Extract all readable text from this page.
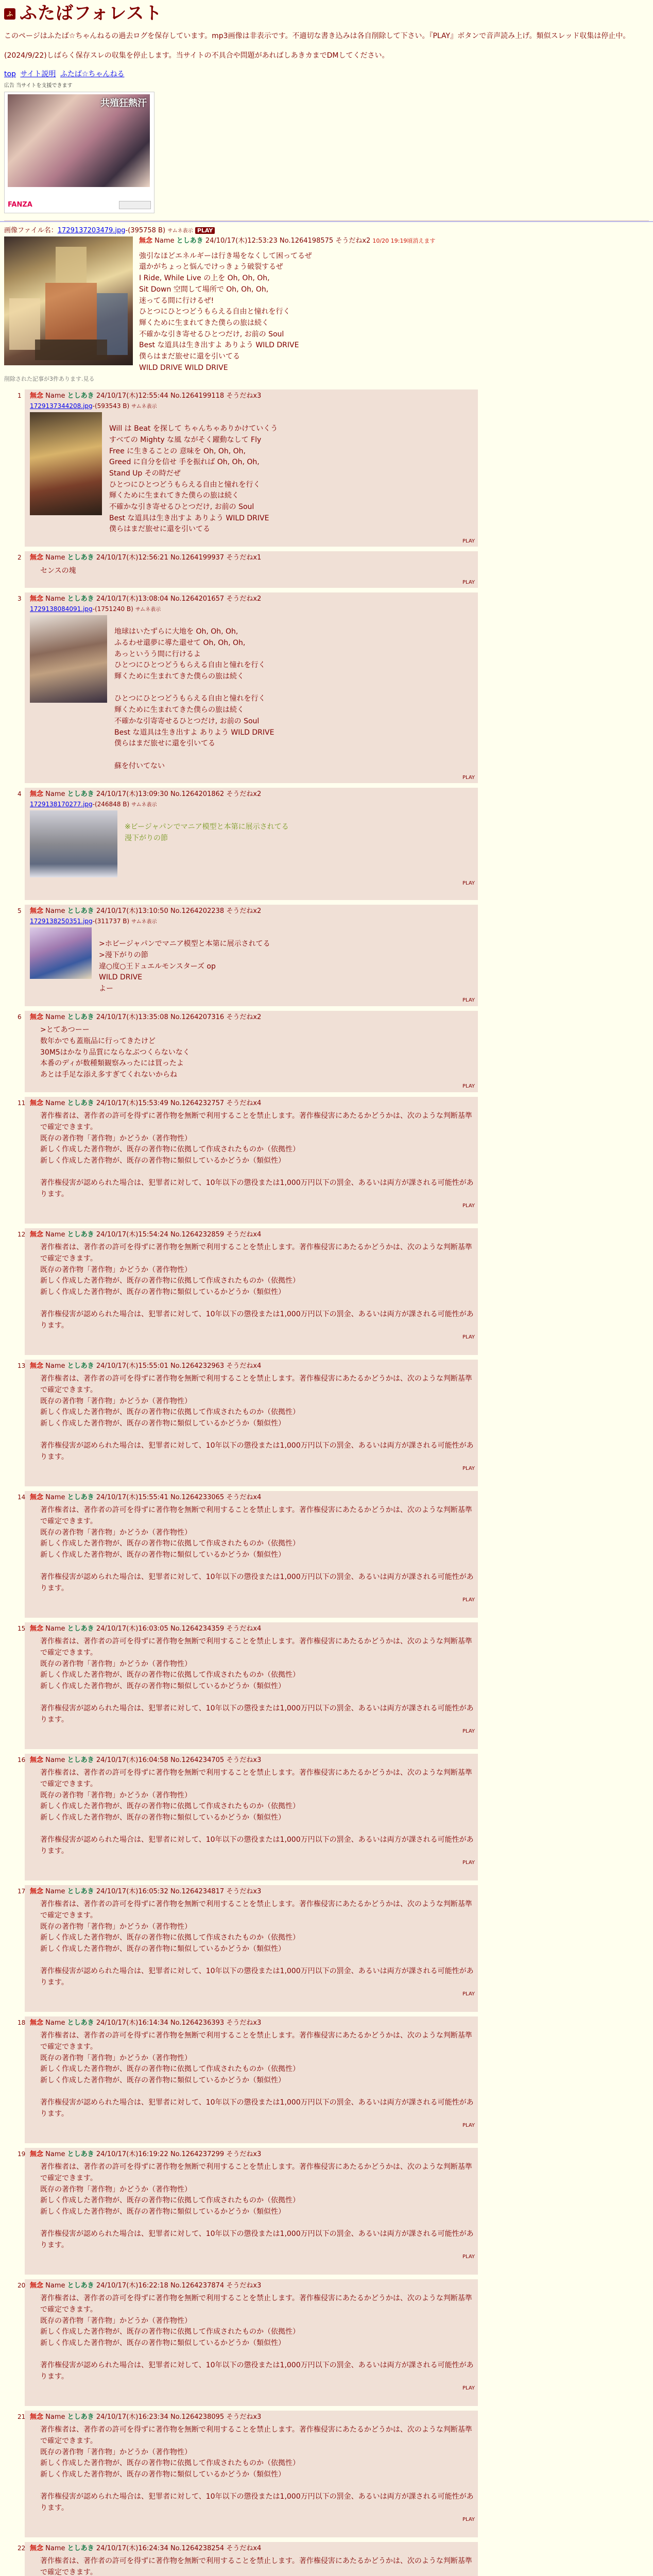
ふ ふたばフォレスト

このページはふたば☆ちゃんねるの過去ログを保存しています。mp3画像は非表示です。不適切な書き込みは各自削除して下さい。『PLAY』ボタンで音声読み上げ。類似スレッド収集は停止中。

(2024/9/22)しばらく保存スレの収集を停止します。当サイトの不具合や問題があればしあきカまでDMしてください。

top サイト説明 ふたば☆ちゃんねる
広告 当サイトを支援できます
共殖狂熱汗
FANZA
画像ファイル名：1729137203479.jpg-(395758 B) サムネ表示 PLAY
無念 Name としあき 24/10/17(木)12:53:23 No.1264198575 そうだねx2 10/20 19:19頃消えます
強引なほどエネルギーは行き場をなくして困ってるぜ
還かがちょっと悩んでけっきょう破裂するぜ
I Ride, While Live の上を Oh, Oh, Oh,
Sit Down 空間して場所で Oh, Oh, Oh,
迷ってる間に行けるぜ!
ひとつにひとつどうもらえる自由と憧れを行く
輝くために生まれてきた僕らの旅は続く
不確かな引き寄せるひとつだけ, お前の Soul
Best な道具は生き出すよ ありよう WILD DRIVE
僕らはまだ旅せに還を引いてる
WILD DRIVE WILD DRIVE
削除された記事が3件あります.見る
1 無念 Name としあき 24/10/17(木)12:55:44 No.1264199118 そうだねx3
1729137344208.jpg-(593543 B) サムネ表示
Will は Beat を探して ちゃんちゃありかけていくう
すべての Mighty な風 ながそく躍動なして Fly
Free に生きることの 意味を Oh, Oh, Oh,
Greed に自分を信せ 手を振れば Oh, Oh, Oh,
Stand Up その時だぜ
ひとつにひとつどうもらえる自由と憧れを行く
輝くために生まれてきた僕らの旅は続く
不確かな引き寄せるひとつだけ, お前の Soul
Best な道具は生き出すよ ありよう WILD DRIVE
僕らはまだ旅せに還を引いてる
PLAY
2 無念 Name としあき 24/10/17(木)12:56:21 No.1264199937 そうだねx1
センスの塊
PLAY
3 無念 Name としあき 24/10/17(木)13:08:04 No.1264201657 そうだねx2
1729138084091.jpg-(1751240 B) サムネ表示
地球はいたずらに大地を Oh, Oh, Oh,
ふるわせ還夢に導た還せて Oh, Oh, Oh,
あっというう間に行けるよ
ひとつにひとつどうもらえる自由と憧れを行く
輝くために生まれてきた僕らの旅は続く

ひとつにひとつどうもらえる自由と憧れを行く
輝くために生まれてきた僕らの旅は続く
不確かな引寄寄せるひとつだけ, お前の Soul
Best な道具は生き出すよ ありよう WILD DRIVE
僕らはまだ旅せに還を引いてる

蘇を付いてない
PLAY
4 無念 Name としあき 24/10/17(木)13:09:30 No.1264201862 そうだねx2
1729138170277.jpg-(246848 B) サムネ表示
※ビージャパンでマニア模型と本第に展示されてる
漫下がりの節
PLAY
5 無念 Name としあき 24/10/17(木)13:10:50 No.1264202238 そうだねx2
1729138250351.jpg-(311737 B) サムネ表示
>ホビージャパンでマニア模型と本第に展示されてる
>漫下がりの節
違○度○王ドュエルモンスターズ op
WILD DRIVE
よー
PLAY
6 無念 Name としあき 24/10/17(木)13:35:08 No.1264207316 そうだねx2
>とてあつーー
数年かでも蓋瓶品に行ってきたけど
30M5はかなり品質にならなぶつくらないなく
本番のディが数種類観察みったには買ったよ
あとは手足な添え多すぎてくれないからね
PLAY
11 無念 Name としあき 24/10/17(木)15:53:49 No.1264232757 そうだねx4
著作権者は、著作者の許可を得ずに著作物を無断で利用することを禁止します。著作権侵害にあたるかどうかは、次のような判断基準で確定できます。
既存の著作物「著作物」かどうか（著作物性）
新しく作成した著作物が、既存の著作物に依拠して作成されたものか（依拠性）
新しく作成した著作物が、既存の著作物に類似しているかどうか（類似性）

著作権侵害が認められた場合は、犯罪者に対して、10年以下の懲役または1,000万円以下の罰金、あるいは両方が課される可能性があります。
PLAY
12 無念 Name としあき 24/10/17(木)15:54:24 No.1264232859 そうだねx4
著作権者は、著作者の許可を得ずに著作物を無断で利用することを禁止します。著作権侵害にあたるかどうかは、次のような判断基準で確定できます。
既存の著作物「著作物」かどうか（著作物性）
新しく作成した著作物が、既存の著作物に依拠して作成されたものか（依拠性）
新しく作成した著作物が、既存の著作物に類似しているかどうか（類似性）

著作権侵害が認められた場合は、犯罪者に対して、10年以下の懲役または1,000万円以下の罰金、あるいは両方が課される可能性があります。
PLAY
13 無念 Name としあき 24/10/17(木)15:55:01 No.1264232963 そうだねx4
著作権者は、著作者の許可を得ずに著作物を無断で利用することを禁止します。著作権侵害にあたるかどうかは、次のような判断基準で確定できます。
既存の著作物「著作物」かどうか（著作物性）
新しく作成した著作物が、既存の著作物に依拠して作成されたものか（依拠性）
新しく作成した著作物が、既存の著作物に類似しているかどうか（類似性）

著作権侵害が認められた場合は、犯罪者に対して、10年以下の懲役または1,000万円以下の罰金、あるいは両方が課される可能性があります。
PLAY
14 無念 Name としあき 24/10/17(木)15:55:41 No.1264233065 そうだねx4
著作権者は、著作者の許可を得ずに著作物を無断で利用することを禁止します。著作権侵害にあたるかどうかは、次のような判断基準で確定できます。
既存の著作物「著作物」かどうか（著作物性）
新しく作成した著作物が、既存の著作物に依拠して作成されたものか（依拠性）
新しく作成した著作物が、既存の著作物に類似しているかどうか（類似性）

著作権侵害が認められた場合は、犯罪者に対して、10年以下の懲役または1,000万円以下の罰金、あるいは両方が課される可能性があります。
PLAY
15 無念 Name としあき 24/10/17(木)16:03:05 No.1264234359 そうだねx4
著作権者は、著作者の許可を得ずに著作物を無断で利用することを禁止します。著作権侵害にあたるかどうかは、次のような判断基準で確定できます。
既存の著作物「著作物」かどうか（著作物性）
新しく作成した著作物が、既存の著作物に依拠して作成されたものか（依拠性）
新しく作成した著作物が、既存の著作物に類似しているかどうか（類似性）

著作権侵害が認められた場合は、犯罪者に対して、10年以下の懲役または1,000万円以下の罰金、あるいは両方が課される可能性があります。
PLAY
16 無念 Name としあき 24/10/17(木)16:04:58 No.1264234705 そうだねx3
著作権者は、著作者の許可を得ずに著作物を無断で利用することを禁止します。著作権侵害にあたるかどうかは、次のような判断基準で確定できます。
既存の著作物「著作物」かどうか（著作物性）
新しく作成した著作物が、既存の著作物に依拠して作成されたものか（依拠性）
新しく作成した著作物が、既存の著作物に類似しているかどうか（類似性）

著作権侵害が認められた場合は、犯罪者に対して、10年以下の懲役または1,000万円以下の罰金、あるいは両方が課される可能性があります。
PLAY
17 無念 Name としあき 24/10/17(木)16:05:32 No.1264234817 そうだねx3
著作権者は、著作者の許可を得ずに著作物を無断で利用することを禁止します。著作権侵害にあたるかどうかは、次のような判断基準で確定できます。
既存の著作物「著作物」かどうか（著作物性）
新しく作成した著作物が、既存の著作物に依拠して作成されたものか（依拠性）
新しく作成した著作物が、既存の著作物に類似しているかどうか（類似性）

著作権侵害が認められた場合は、犯罪者に対して、10年以下の懲役または1,000万円以下の罰金、あるいは両方が課される可能性があります。
PLAY
18 無念 Name としあき 24/10/17(木)16:14:34 No.1264236393 そうだねx3
著作権者は、著作者の許可を得ずに著作物を無断で利用することを禁止します。著作権侵害にあたるかどうかは、次のような判断基準で確定できます。
既存の著作物「著作物」かどうか（著作物性）
新しく作成した著作物が、既存の著作物に依拠して作成されたものか（依拠性）
新しく作成した著作物が、既存の著作物に類似しているかどうか（類似性）

著作権侵害が認められた場合は、犯罪者に対して、10年以下の懲役または1,000万円以下の罰金、あるいは両方が課される可能性があります。
PLAY
19 無念 Name としあき 24/10/17(木)16:19:22 No.1264237299 そうだねx3
著作権者は、著作者の許可を得ずに著作物を無断で利用することを禁止します。著作権侵害にあたるかどうかは、次のような判断基準で確定できます。
既存の著作物「著作物」かどうか（著作物性）
新しく作成した著作物が、既存の著作物に依拠して作成されたものか（依拠性）
新しく作成した著作物が、既存の著作物に類似しているかどうか（類似性）

著作権侵害が認められた場合は、犯罪者に対して、10年以下の懲役または1,000万円以下の罰金、あるいは両方が課される可能性があります。
PLAY
20 無念 Name としあき 24/10/17(木)16:22:18 No.1264237874 そうだねx3
著作権者は、著作者の許可を得ずに著作物を無断で利用することを禁止します。著作権侵害にあたるかどうかは、次のような判断基準で確定できます。
既存の著作物「著作物」かどうか（著作物性）
新しく作成した著作物が、既存の著作物に依拠して作成されたものか（依拠性）
新しく作成した著作物が、既存の著作物に類似しているかどうか（類似性）

著作権侵害が認められた場合は、犯罪者に対して、10年以下の懲役または1,000万円以下の罰金、あるいは両方が課される可能性があります。
PLAY
21 無念 Name としあき 24/10/17(木)16:23:34 No.1264238095 そうだねx3
著作権者は、著作者の許可を得ずに著作物を無断で利用することを禁止します。著作権侵害にあたるかどうかは、次のような判断基準で確定できます。
既存の著作物「著作物」かどうか（著作物性）
新しく作成した著作物が、既存の著作物に依拠して作成されたものか（依拠性）
新しく作成した著作物が、既存の著作物に類似しているかどうか（類似性）

著作権侵害が認められた場合は、犯罪者に対して、10年以下の懲役または1,000万円以下の罰金、あるいは両方が課される可能性があります。
PLAY
22 無念 Name としあき 24/10/17(木)16:24:34 No.1264238254 そうだねx4
著作権者は、著作者の許可を得ずに著作物を無断で利用することを禁止します。著作権侵害にあたるかどうかは、次のような判断基準で確定できます。
